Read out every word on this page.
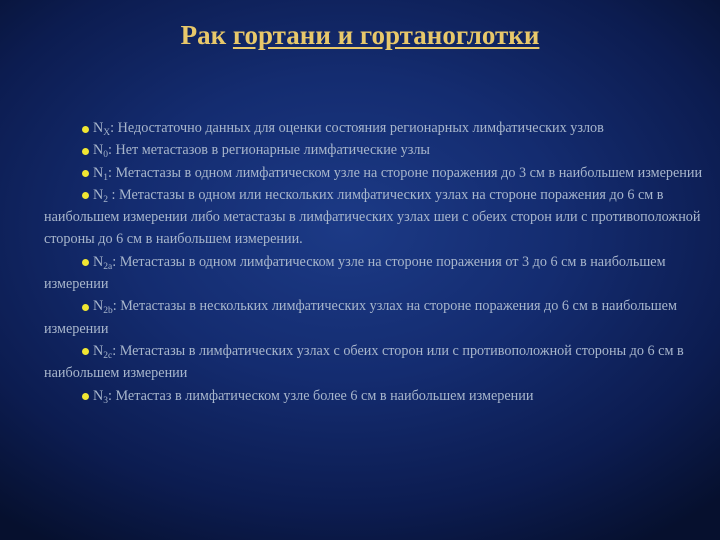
Рак гортани и гортаноглотки

$N_X$: Недостаточно данных для оценки состояния регионарных лимфатических узлов

$N_0$: Нет метастазов в регионарные лимфатические узлы

$N_1$: Метастазы в одном лимфатическом узле на стороне поражения до 3 см в наибольшем измерении

$N_2$ : Метастазы в одном или нескольких лимфатических узлах на стороне поражения до 6 см в наибольшем измерении либо метастазы в лимфатических узлах шеи с обеих сторон или с противоположной стороны до 6 см в наибольшем измерении.

$N_{2a}$: Метастазы в одном лимфатическом узле на стороне поражения от 3 до 6 см в наибольшем измерении

$N_{2b}$: Метастазы в нескольких лимфатических узлах на стороне поражения до 6 см в наибольшем измерении

$N_{2c}$: Метастазы в лимфатических узлах с обеих сторон или с противоположной стороны до 6 см в наибольшем измерении

$N_3$: Метастаз в лимфатическом узле более 6 см в наибольшем измерении
